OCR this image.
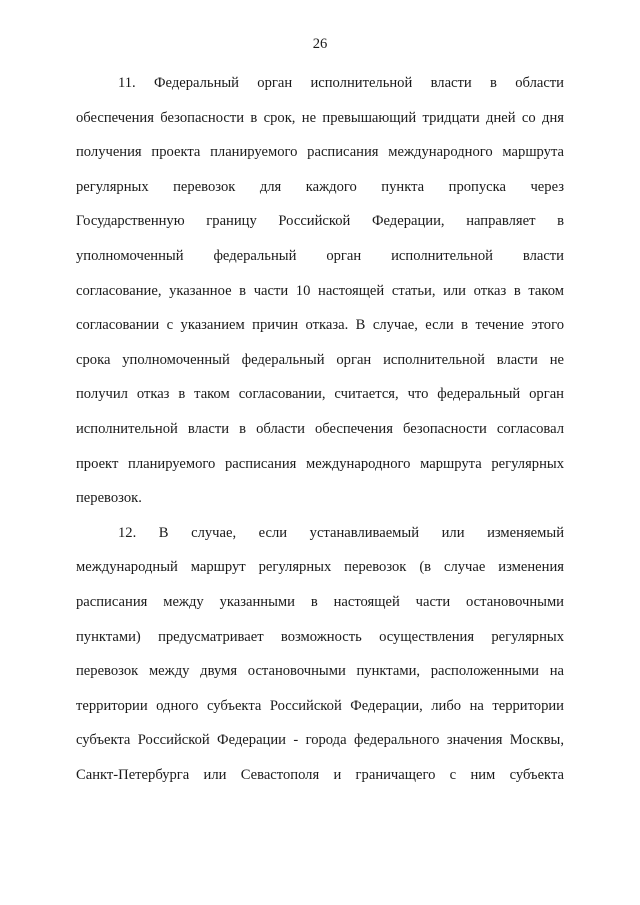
26
11. Федеральный орган исполнительной власти в области
обеспечения безопасности в срок, не превышающий тридцати дней со дня
получения проекта планируемого расписания международного маршрута
регулярных перевозок для каждого пункта пропуска через
Государственную границу Российской Федерации, направляет в
уполномоченный федеральный орган исполнительной власти
согласование, указанное в части 10 настоящей статьи, или отказ в таком
согласовании с указанием причин отказа. В случае, если в течение этого
срока уполномоченный федеральный орган исполнительной власти не
получил отказ в таком согласовании, считается, что федеральный орган
исполнительной власти в области обеспечения безопасности согласовал
проект планируемого расписания международного маршрута регулярных
перевозок.
12. В случае, если устанавливаемый или изменяемый
международный маршрут регулярных перевозок (в случае изменения
расписания между указанными в настоящей части остановочными
пунктами) предусматривает возможность осуществления регулярных
перевозок между двумя остановочными пунктами, расположенными на
территории одного субъекта Российской Федерации, либо на территории
субъекта Российской Федерации - города федерального значения Москвы,
Санкт-Петербурга или Севастополя и граничащего с ним субъекта
